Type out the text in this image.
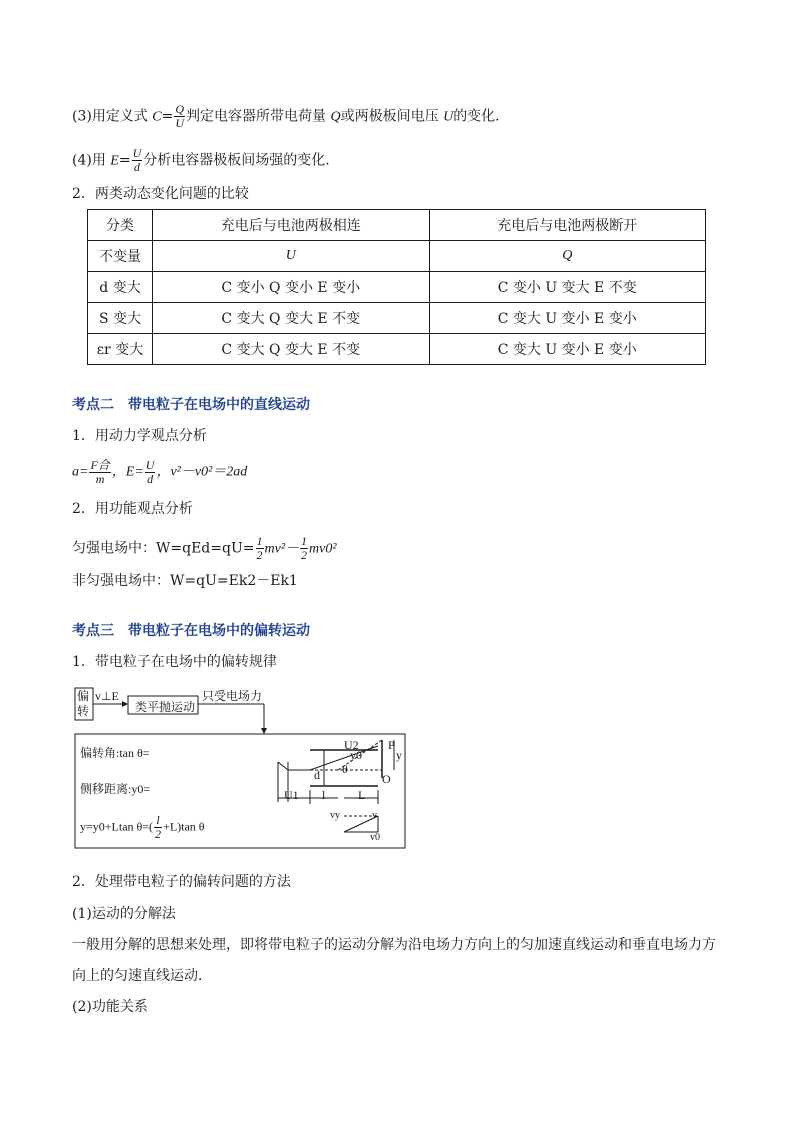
(3)用定义式 $C= \frac{Q}{U}$ 判定电容器所带电荷量 Q或两极板间电压 U的变化．
(4)用 $E= \frac{U}{d}$ 分析电容器极板间场强的变化．
2．两类动态变化问题的比较
分类	充电后与电池两极相连	充电后与电池两极断开
不变量	U	Q
d 变大	C 变小 Q 变小 E 变小	C 变小 U 变大 E 不变
S 变大	C 变大 Q 变大 E 不变	C 变大 U 变小 E 变小
εr 变大	C 变大 Q 变大 E 不变	C 变大 U 变小 E 变小
考点二 带电粒子在电场中的直线运动
1．用动力学观点分析
$a= \frac{\text{F合}}{m}$ ，$E= \frac{U}{d}$ ，v²－v0²＝2ad
2．用功能观点分析
匀强电场中：$W=qEd=qU= \frac{1}{2} mv^2- \frac{1}{2} mv0^2$
非匀强电场中：W=qU=Ek2－Ek1
考点三 带电粒子在电场中的偏转运动
1．带电粒子在电场中的偏转规律
偏转
v⊥E
类平抛运动
只受电场力
偏转角:tan θ=
侧移距离:y0=
y=y0+Ltan $\theta=( \frac{l}{2} +L)\tan$ θ
U2 P
y
O
d θ
y0
U1 l	L
vy	v
v0
2．处理带电粒子的偏转问题的方法
(1)运动的分解法
一般用分解的思想来处理，即将带电粒子的运动分解为沿电场力方向上的匀加速直线运动和垂直电场力方
向上的匀速直线运动．
(2)功能关系
